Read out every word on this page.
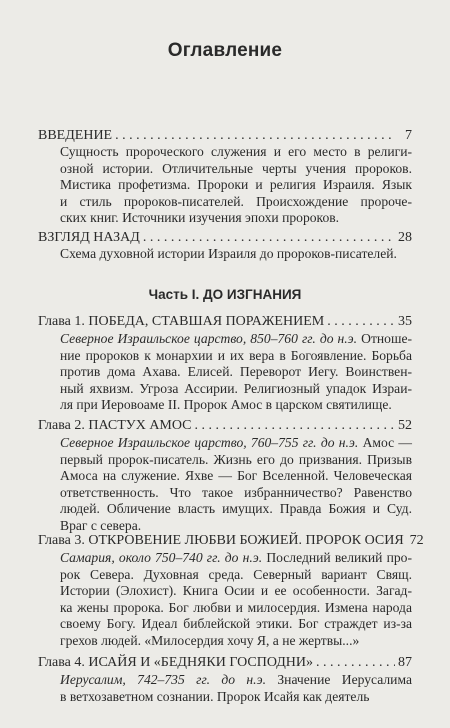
Оглавление
ВВЕДЕНИЕ . . .	7
Сущность пророческого служения и его место в религи-
озной истории. Отличительные черты учения пророков.
Мистика профетизма. Пророки и религия Израиля. Язык
и стиль пророков-писателей. Происхождение пророче-
ских книг. Источники изучения эпохи пророков.
ВЗГЛЯД НАЗАД . . .	28
Схема духовной истории Израиля до пророков-писателей.
Часть I. ДО ИЗГНАНИЯ
Глава 1. ПОБЕДА, СТАВШАЯ ПОРАЖЕНИЕМ . . .	35
Северное Израильское царство, 850–760 гг. до н.э. Отноше-
ние пророков к монархии и их вера в Богоявление. Борьба
против дома Ахава. Елисей. Переворот Иегу. Воинствен-
ный яхвизм. Угроза Ассирии. Религиозный упадок Израи-
ля при Иеровоаме II. Пророк Амос в царском святилище.
Глава 2. ПАСТУХ АМОС . . .	52
Северное Израильское царство, 760–755 гг. до н.э. Амос —
первый пророк-писатель. Жизнь его до призвания. Призыв
Амоса на служение. Яхве — Бог Вселенной. Человеческая
ответственность. Что такое избранничество? Равенство
людей. Обличение власть имущих. Правда Божия и Суд.
Враг с севера.
Глава 3. ОТКРОВЕНИЕ ЛЮБВИ БОЖИЕЙ. ПРОРОК ОСИЯ 72
Самария, около 750–740 гг. до н.э. Последний великий про-
рок Севера. Духовная среда. Северный вариант Свящ.
Истории (Элохист). Книга Осии и ее особенности. Загад-
ка жены пророка. Бог любви и милосердия. Измена народа
своему Богу. Идеал библейской этики. Бог страждет из-за
грехов людей. «Милосердия хочу Я, а не жертвы...»
Глава 4. ИСАЙЯ И «БЕДНЯКИ ГОСПОДНИ» . . .	87
Иерусалим, 742–735 гг. до н.э. Значение Иерусалима
в ветхозаветном сознании. Пророк Исайя как деятель
